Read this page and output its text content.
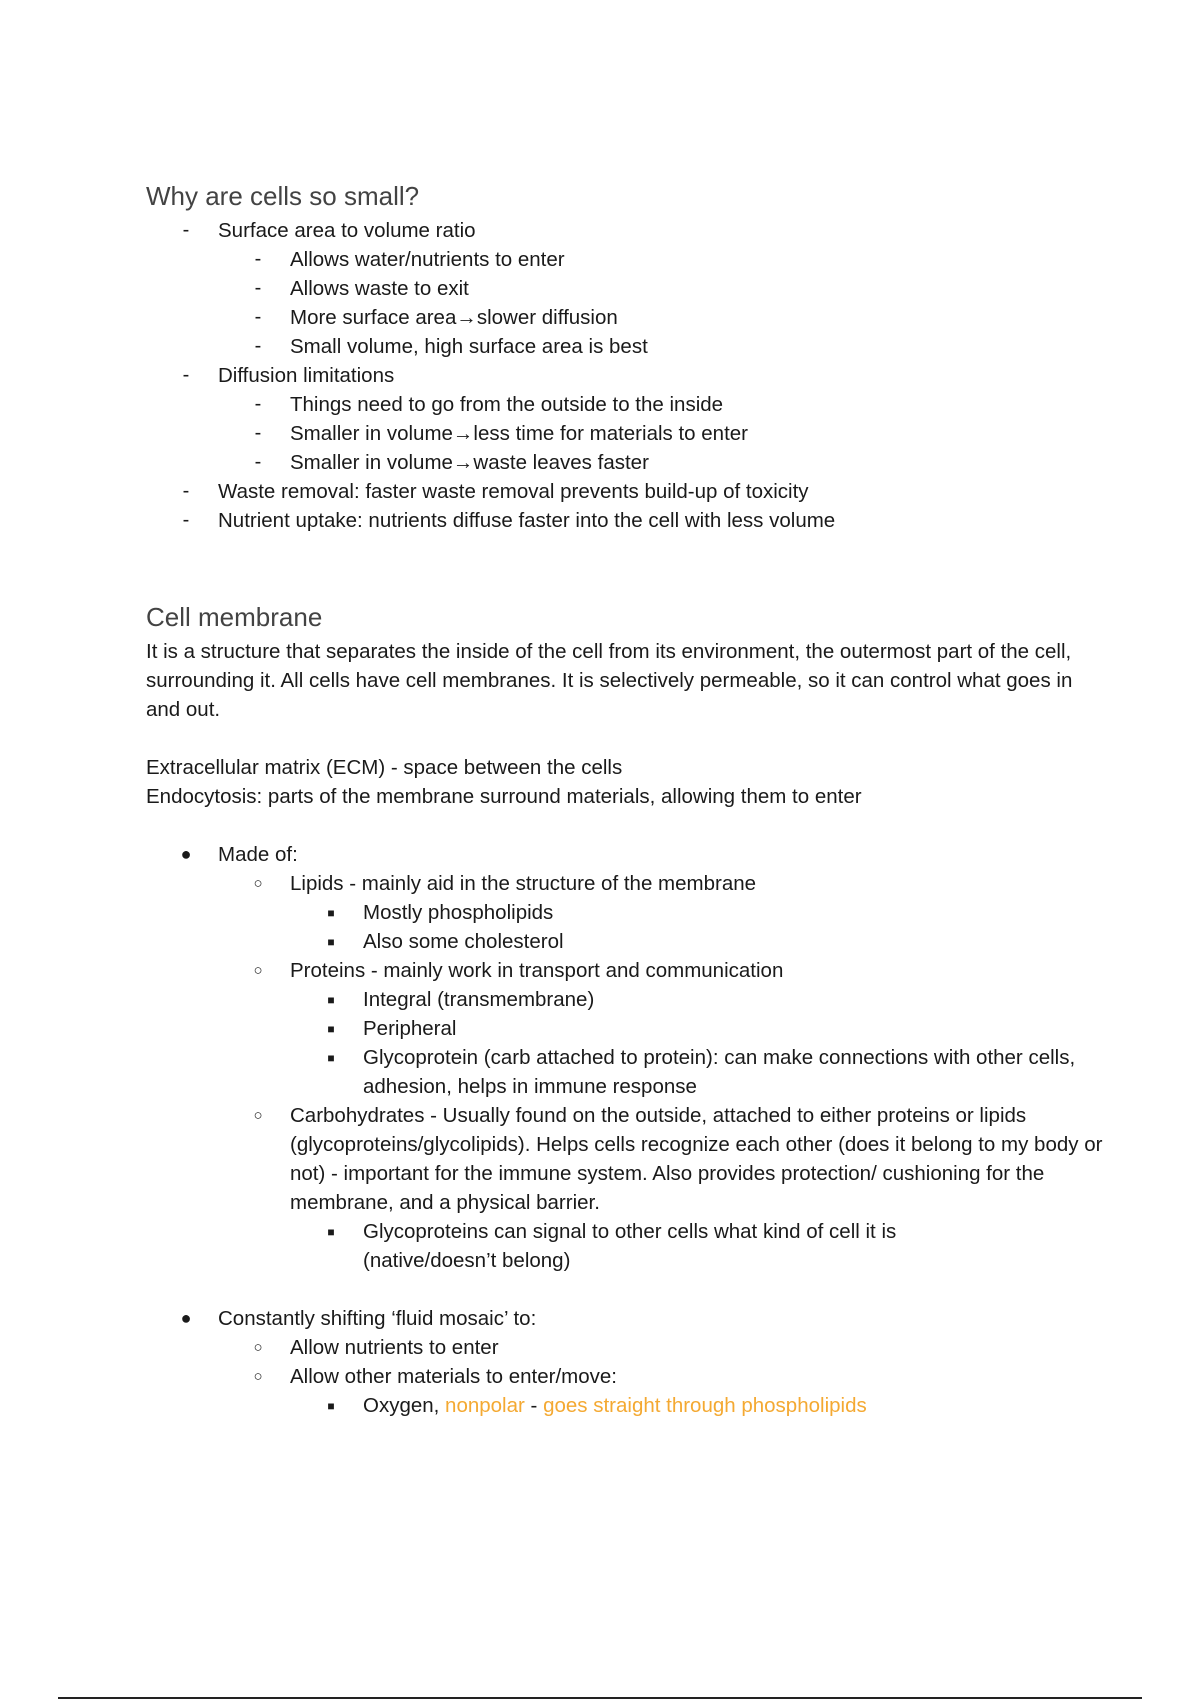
Why are cells so small?
-	Surface area to volume ratio
-	Allows water/nutrients to enter
-	Allows waste to exit
-	More surface area→slower diffusion
-	Small volume, high surface area is best
-	Diffusion limitations
-	Things need to go from the outside to the inside
-	Smaller in volume→less time for materials to enter
-	Smaller in volume→waste leaves faster
-	Waste removal: faster waste removal prevents build-up of toxicity
-	Nutrient uptake: nutrients diffuse faster into the cell with less volume
Cell membrane

It is a structure that separates the inside of the cell from its environment, the outermost part of the cell, surrounding it. All cells have cell membranes. It is selectively permeable, so it can control what goes in and out.

Extracellular matrix (ECM) - space between the cells

Endocytosis: parts of the membrane surround materials, allowing them to enter

● Made of:
○ Lipids - mainly aid in the structure of the membrane
■	Mostly phospholipids
■	Also some cholesterol
○ Proteins - mainly work in transport and communication
■	Integral (transmembrane)
■	Peripheral
■	Glycoprotein (carb attached to protein): can make connections with other cells, adhesion, helps in immune response
○ Carbohydrates - Usually found on the outside, attached to either proteins or lipids (glycoproteins/glycolipids). Helps cells recognize each other (does it belong to my body or not) - important for the immune system. Also provides protection/ cushioning for the membrane, and a physical barrier.
■	Glycoproteins can signal to other cells what kind of cell it is (native/doesn’t belong)
● Constantly shifting ‘fluid mosaic’ to:
○ Allow nutrients to enter
○ Allow other materials to enter/move:
■	Oxygen, nonpolar - goes straight through phospholipids
